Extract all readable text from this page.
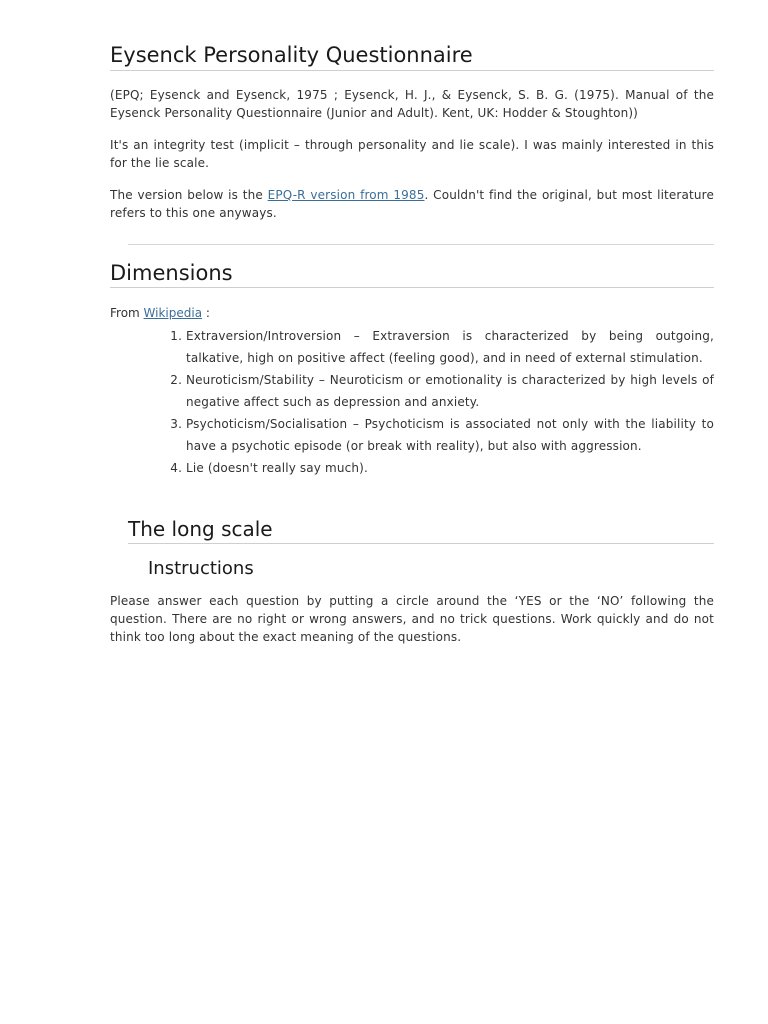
Eysenck Personality Questionnaire

(EPQ; Eysenck and Eysenck, 1975 ; Eysenck, H. J., & Eysenck, S. B. G. (1975). Manual of the Eysenck Personality Questionnaire (Junior and Adult). Kent, UK: Hodder & Stoughton))

It's an integrity test (implicit – through personality and lie scale). I was mainly interested in this for the lie scale.

The version below is the EPQ-R version from 1985. Couldn't find the original, but most literature refers to this one anyways.

Dimensions
From Wikipedia :
1. Extraversion/Introversion – Extraversion is characterized by being outgoing, talkative, high on positive affect (feeling good), and in need of external stimulation.
2. Neuroticism/Stability – Neuroticism or emotionality is characterized by high levels of negative affect such as depression and anxiety.
3. Psychoticism/Socialisation – Psychoticism is associated not only with the liability to have a psychotic episode (or break with reality), but also with aggression.
4. Lie (doesn't really say much).
The long scale
Instructions

Please answer each question by putting a circle around the ‘YES or the ‘NO’ following the question. There are no right or wrong answers, and no trick questions. Work quickly and do not think too long about the exact meaning of the questions.
